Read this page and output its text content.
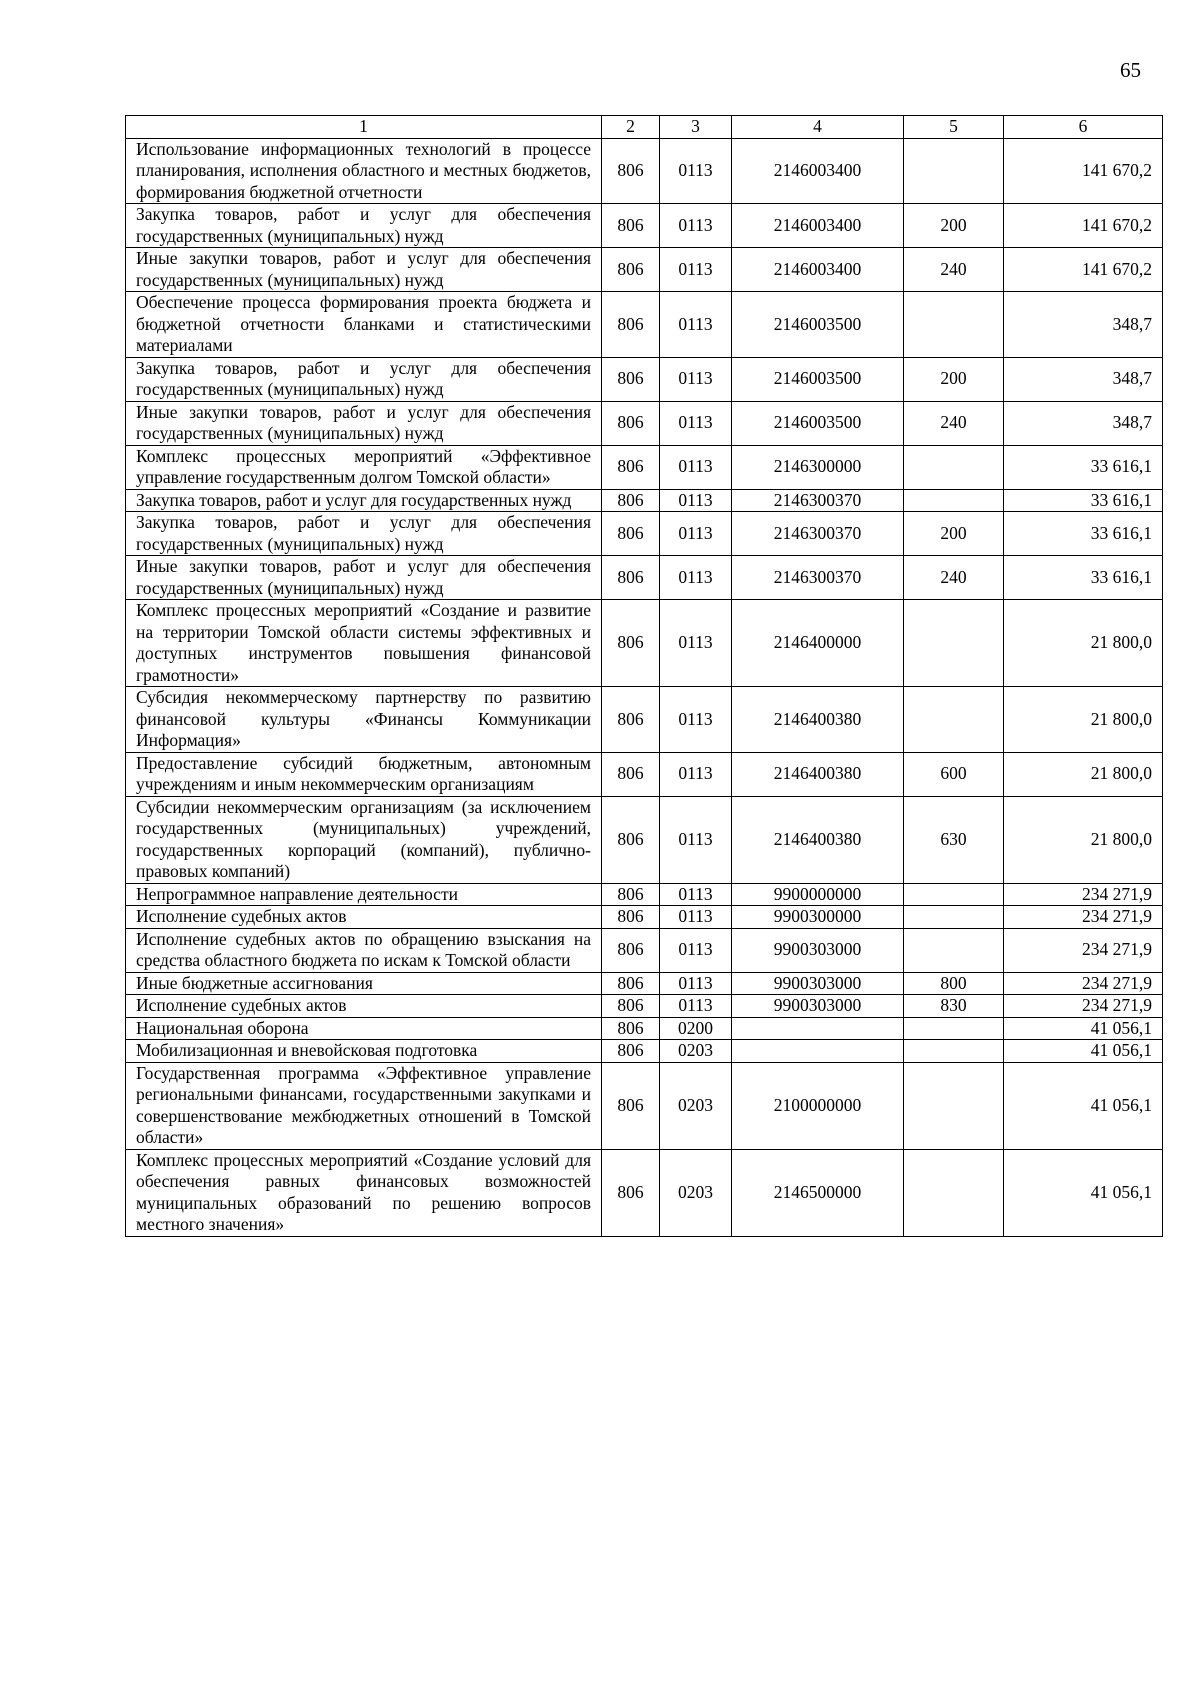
65
1	2	3	4	5	6
Использование информационных технологий в процессе планирования, исполнения областного и местных бюджетов, формирования бюджетной отчетности	806	0113	2146003400		141 670,2
Закупка товаров, работ и услуг для обеспечения государственных (муниципальных) нужд	806	0113	2146003400	200	141 670,2
Иные закупки товаров, работ и услуг для обеспечения государственных (муниципальных) нужд	806	0113	2146003400	240	141 670,2
Обеспечение процесса формирования проекта бюджета и бюджетной отчетности бланками и статистическими материалами	806	0113	2146003500		348,7
Закупка товаров, работ и услуг для обеспечения государственных (муниципальных) нужд	806	0113	2146003500	200	348,7
Иные закупки товаров, работ и услуг для обеспечения государственных (муниципальных) нужд	806	0113	2146003500	240	348,7
Комплекс процессных мероприятий «Эффективное управление государственным долгом Томской области»	806	0113	2146300000		33 616,1
Закупка товаров, работ и услуг для государственных нужд	806	0113	2146300370		33 616,1
Закупка товаров, работ и услуг для обеспечения государственных (муниципальных) нужд	806	0113	2146300370	200	33 616,1
Иные закупки товаров, работ и услуг для обеспечения государственных (муниципальных) нужд	806	0113	2146300370	240	33 616,1
Комплекс процессных мероприятий «Создание и развитие на территории Томской области системы эффективных и доступных инструментов повышения финансовой грамотности»	806	0113	2146400000		21 800,0
Субсидия некоммерческому партнерству по развитию финансовой культуры «Финансы Коммуникации Информация»	806	0113	2146400380		21 800,0
Предоставление субсидий бюджетным, автономным учреждениям и иным некоммерческим организациям	806	0113	2146400380	600	21 800,0
Субсидии некоммерческим организациям (за исключением государственных (муниципальных) учреждений, государственных корпораций (компаний), публично-правовых компаний)	806	0113	2146400380	630	21 800,0
Непрограммное направление деятельности	806	0113	9900000000		234 271,9
Исполнение судебных актов	806	0113	9900300000		234 271,9
Исполнение судебных актов по обращению взыскания на средства областного бюджета по искам к Томской области	806	0113	9900303000		234 271,9
Иные бюджетные ассигнования	806	0113	9900303000	800	234 271,9
Исполнение судебных актов	806	0113	9900303000	830	234 271,9
Национальная оборона	806	0200			41 056,1
Мобилизационная и вневойсковая подготовка	806	0203			41 056,1
Государственная программа «Эффективное управление региональными финансами, государственными закупками и совершенствование межбюджетных отношений в Томской области»	806	0203	2100000000		41 056,1
Комплекс процессных мероприятий «Создание условий для обеспечения равных финансовых возможностей муниципальных образований по решению вопросов местного значения»	806	0203	2146500000		41 056,1
